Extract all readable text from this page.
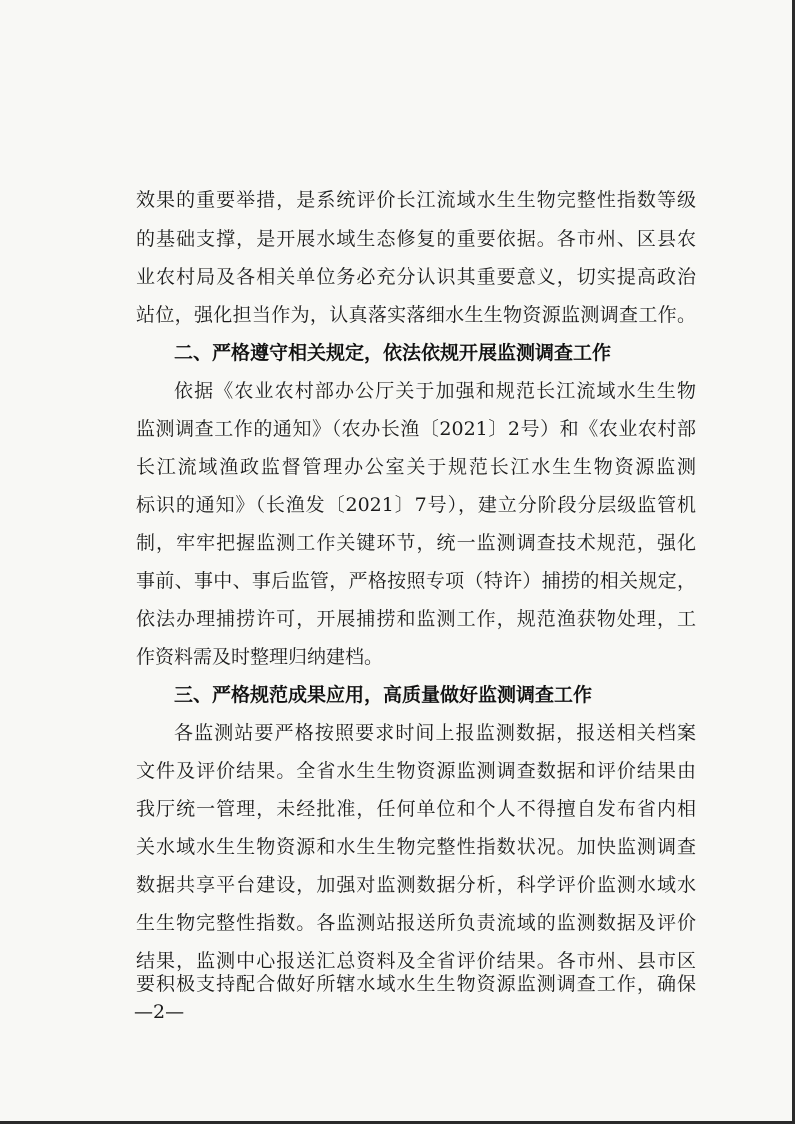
效果的重要举措，是系统评价长江流域水生生物完整性指数等级
的基础支撑，是开展水域生态修复的重要依据。各市州、区县农
业农村局及各相关单位务必充分认识其重要意义，切实提高政治
站位，强化担当作为，认真落实落细水生生物资源监测调查工作。
二、严格遵守相关规定，依法依规开展监测调查工作
依据《农业农村部办公厅关于加强和规范长江流域水生生物
监测调查工作的通知》（农办长渔〔2021〕2号）和《农业农村部
长江流域渔政监督管理办公室关于规范长江水生生物资源监测
标识的通知》（长渔发〔2021〕7号），建立分阶段分层级监管机
制，牢牢把握监测工作关键环节，统一监测调查技术规范，强化
事前、事中、事后监管，严格按照专项（特许）捕捞的相关规定，
依法办理捕捞许可，开展捕捞和监测工作，规范渔获物处理，工
作资料需及时整理归纳建档。
三、严格规范成果应用，高质量做好监测调查工作
各监测站要严格按照要求时间上报监测数据，报送相关档案
文件及评价结果。全省水生生物资源监测调查数据和评价结果由
我厅统一管理，未经批准，任何单位和个人不得擅自发布省内相
关水域水生生物资源和水生生物完整性指数状况。加快监测调查
数据共享平台建设，加强对监测数据分析，科学评价监测水域水
生生物完整性指数。各监测站报送所负责流域的监测数据及评价
结果，监测中心报送汇总资料及全省评价结果。各市州、县市区
要积极支持配合做好所辖水域水生生物资源监测调查工作，确保
—2—
